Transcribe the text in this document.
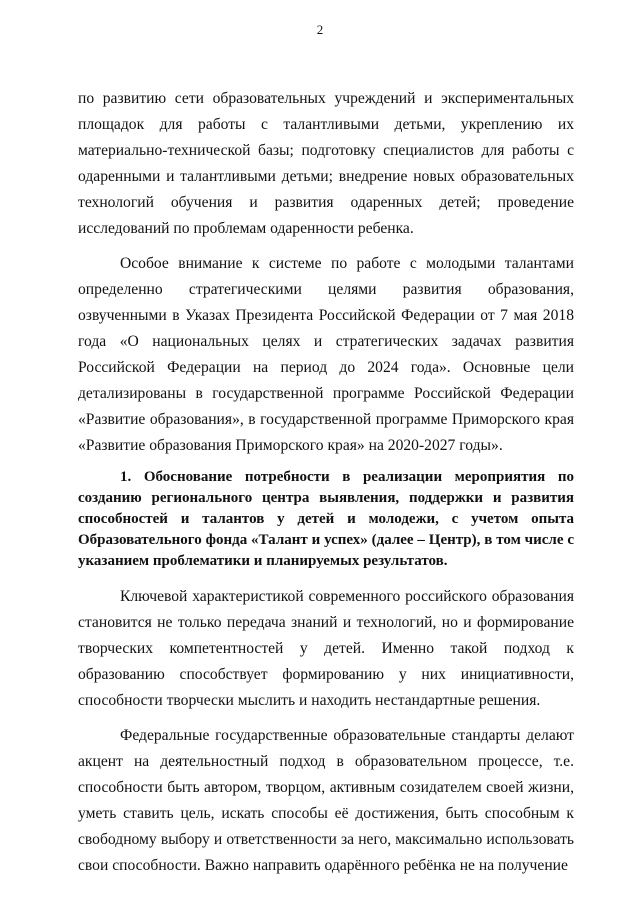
2

по развитию сети образовательных учреждений и экспериментальных площадок для работы с талантливыми детьми, укреплению их материально-технической базы; подготовку специалистов для работы с одаренными и талантливыми детьми; внедрение новых образовательных технологий обучения и развития одаренных детей; проведение исследований по проблемам одаренности ребенка.

Особое внимание к системе по работе с молодыми талантами определенно стратегическими целями развития образования, озвученными в Указах Президента Российской Федерации от 7 мая 2018 года «О национальных целях и стратегических задачах развития Российской Федерации на период до 2024 года». Основные цели детализированы в государственной программе Российской Федерации «Развитие образования», в государственной программе Приморского края «Развитие образования Приморского края» на 2020-2027 годы».

1. Обоснование потребности в реализации мероприятия по созданию регионального центра выявления, поддержки и развития способностей и талантов у детей и молодежи, с учетом опыта Образовательного фонда «Талант и успех» (далее – Центр), в том числе с указанием проблематики и планируемых результатов.

Ключевой характеристикой современного российского образования становится не только передача знаний и технологий, но и формирование творческих компетентностей у детей. Именно такой подход к образованию способствует формированию у них инициативности, способности творчески мыслить и находить нестандартные решения.

Федеральные государственные образовательные стандарты делают акцент на деятельностный подход в образовательном процессе, т.е. способности быть автором, творцом, активным созидателем своей жизни, уметь ставить цель, искать способы её достижения, быть способным к свободному выбору и ответственности за него, максимально использовать свои способности. Важно направить одарённого ребёнка не на получение
